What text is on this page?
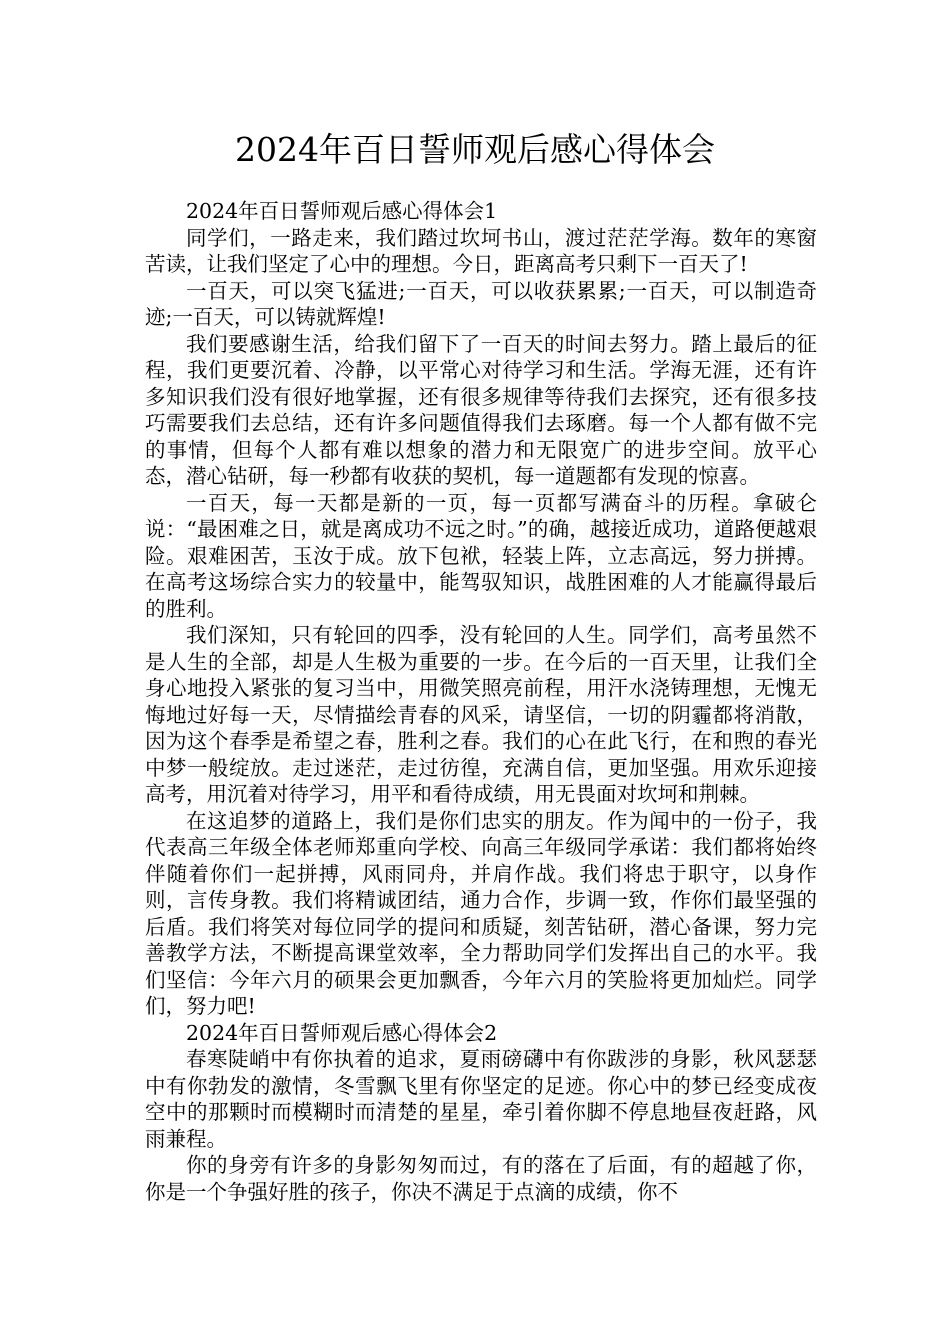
2024年百日誓师观后感心得体会

2024年百日誓师观后感心得体会1

同学们，一路走来，我们踏过坎坷书山，渡过茫茫学海。数年的寒窗苦读，让我们坚定了心中的理想。今日，距离高考只剩下一百天了!

一百天，可以突飞猛进;一百天，可以收获累累;一百天，可以制造奇迹;一百天，可以铸就辉煌!

我们要感谢生活，给我们留下了一百天的时间去努力。踏上最后的征程，我们更要沉着、冷静，以平常心对待学习和生活。学海无涯，还有许多知识我们没有很好地掌握，还有很多规律等待我们去探究，还有很多技巧需要我们去总结，还有许多问题值得我们去琢磨。每一个人都有做不完的事情，但每个人都有难以想象的潜力和无限宽广的进步空间。放平心态，潜心钻研，每一秒都有收获的契机，每一道题都有发现的惊喜。

一百天，每一天都是新的一页，每一页都写满奋斗的历程。拿破仑说：“最困难之日，就是离成功不远之时。”的确，越接近成功，道路便越艰险。艰难困苦，玉汝于成。放下包袱，轻装上阵，立志高远，努力拼搏。在高考这场综合实力的较量中，能驾驭知识，战胜困难的人才能赢得最后的胜利。

我们深知，只有轮回的四季，没有轮回的人生。同学们，高考虽然不是人生的全部，却是人生极为重要的一步。在今后的一百天里，让我们全身心地投入紧张的复习当中，用微笑照亮前程，用汗水浇铸理想，无愧无悔地过好每一天，尽情描绘青春的风采，请坚信，一切的阴霾都将消散，因为这个春季是希望之春，胜利之春。我们的心在此飞行，在和煦的春光中梦一般绽放。走过迷茫，走过彷徨，充满自信，更加坚强。用欢乐迎接高考，用沉着对待学习，用平和看待成绩，用无畏面对坎坷和荆棘。

在这追梦的道路上，我们是你们忠实的朋友。作为闻中的一份子，我代表高三年级全体老师郑重向学校、向高三年级同学承诺：我们都将始终伴随着你们一起拼搏，风雨同舟，并肩作战。我们将忠于职守，以身作则，言传身教。我们将精诚团结，通力合作，步调一致，作你们最坚强的后盾。我们将笑对每位同学的提问和质疑，刻苦钻研，潜心备课，努力完善教学方法，不断提高课堂效率，全力帮助同学们发挥出自己的水平。我们坚信：今年六月的硕果会更加飘香，今年六月的笑脸将更加灿烂。同学们，努力吧!

2024年百日誓师观后感心得体会2

春寒陡峭中有你执着的追求，夏雨磅礴中有你跋涉的身影，秋风瑟瑟中有你勃发的激情，冬雪飘飞里有你坚定的足迹。你心中的梦已经变成夜空中的那颗时而模糊时而清楚的星星，牵引着你脚不停息地昼夜赶路，风雨兼程。

你的身旁有许多的身影匆匆而过，有的落在了后面，有的超越了你，你是一个争强好胜的孩子，你决不满足于点滴的成绩，你不
